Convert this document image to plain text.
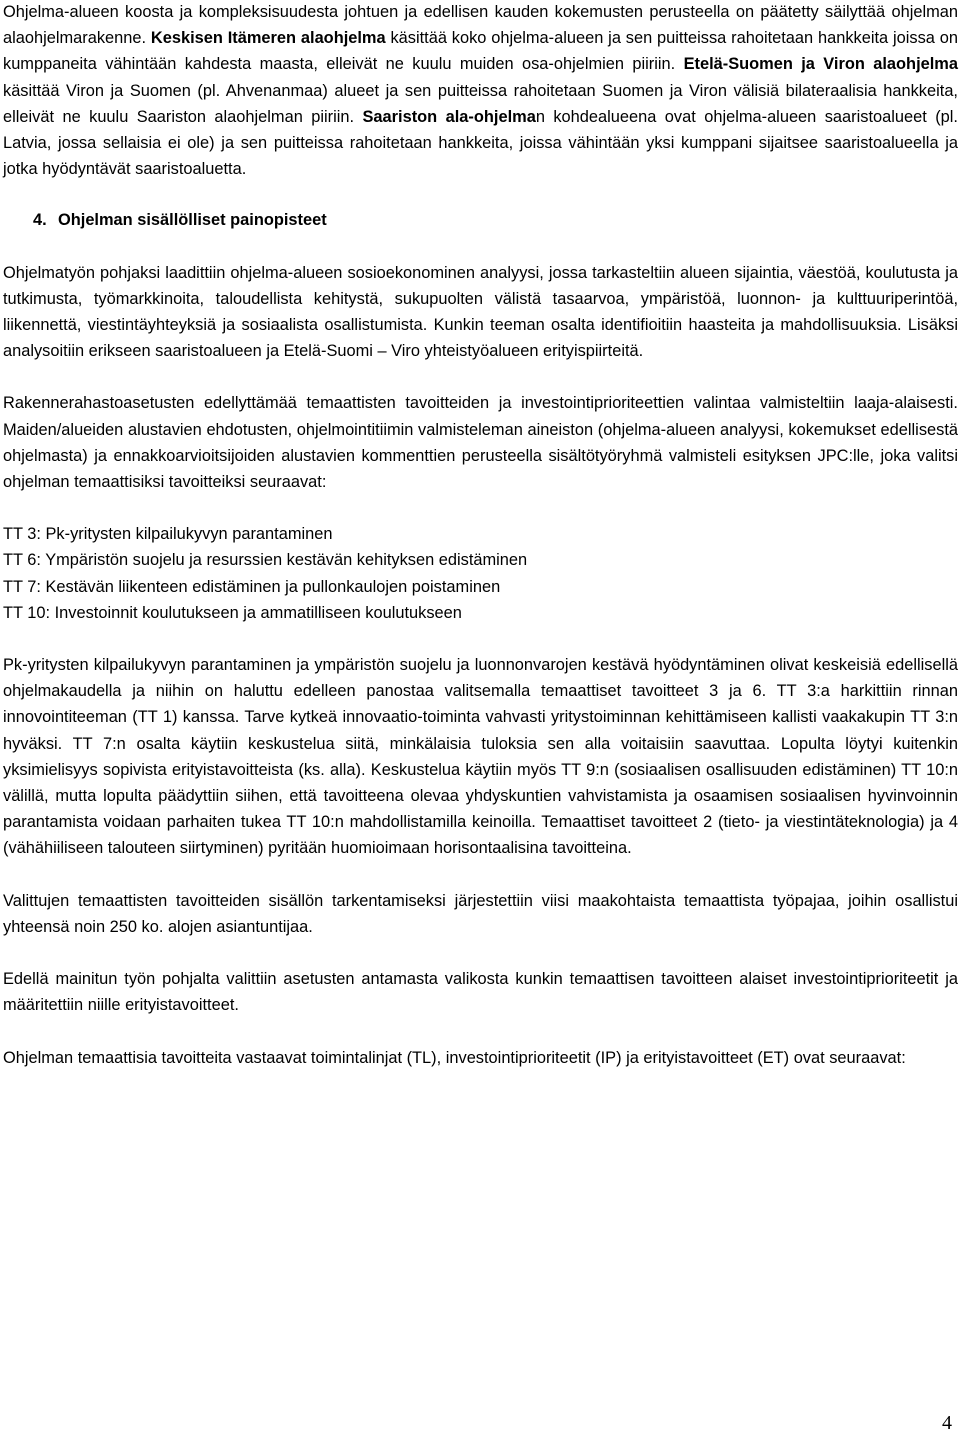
Ohjelma-alueen koosta ja kompleksisuudesta johtuen ja edellisen kauden kokemusten perusteella on päätetty säilyttää ohjelman alaohjelmarakenne. Keskisen Itämeren alaohjelma käsittää koko ohjelma-alueen ja sen puitteissa rahoitetaan hankkeita joissa on kumppaneita vähintään kahdesta maasta, elleivät ne kuulu muiden osa-ohjelmien piiriin. Etelä-Suomen ja Viron alaohjelma käsittää Viron ja Suomen (pl. Ahvenanmaa) alueet ja sen puitteissa rahoitetaan Suomen ja Viron välisiä bilateraalisia hankkeita, elleivät ne kuulu Saariston alaohjelman piiriin. Saariston ala-ohjelman kohdealueena ovat ohjelma-alueen saaristoalueet (pl. Latvia, jossa sellaisia ei ole) ja sen puitteissa rahoitetaan hankkeita, joissa vähintään yksi kumppani sijaitsee saaristoalueella ja jotka hyödyntävät saaristoaluetta.

4. Ohjelman sisällölliset painopisteet

Ohjelmatyön pohjaksi laadittiin ohjelma-alueen sosioekonominen analyysi, jossa tarkasteltiin alueen sijaintia, väestöä, koulutusta ja tutkimusta, työmarkkinoita, taloudellista kehitystä, sukupuolten välistä tasaarvoa, ympäristöä, luonnon- ja kulttuuriperintöä, liikennettä, viestintäyhteyksiä ja sosiaalista osallistumista. Kunkin teeman osalta identifioitiin haasteita ja mahdollisuuksia. Lisäksi analysoitiin erikseen saaristoalueen ja Etelä-Suomi – Viro yhteistyöalueen erityispiirteitä.

Rakennerahastoasetusten edellyttämää temaattisten tavoitteiden ja investointiprioriteettien valintaa valmisteltiin laaja-alaisesti. Maiden/alueiden alustavien ehdotusten, ohjelmointitiimin valmisteleman aineiston (ohjelma-alueen analyysi, kokemukset edellisestä ohjelmasta) ja ennakkoarvioitsijoiden alustavien kommenttien perusteella sisältötyöryhmä valmisteli esityksen JPC:lle, joka valitsi ohjelman temaattisiksi tavoitteiksi seuraavat:

TT 3: Pk-yritysten kilpailukyvyn parantaminen
TT 6: Ympäristön suojelu ja resurssien kestävän kehityksen edistäminen
TT 7: Kestävän liikenteen edistäminen ja pullonkaulojen poistaminen
TT 10: Investoinnit koulutukseen ja ammatilliseen koulutukseen

Pk-yritysten kilpailukyvyn parantaminen ja ympäristön suojelu ja luonnonvarojen kestävä hyödyntäminen olivat keskeisiä edellisellä ohjelmakaudella ja niihin on haluttu edelleen panostaa valitsemalla temaattiset tavoitteet 3 ja 6. TT 3:a harkittiin rinnan innovointiteeman (TT 1) kanssa. Tarve kytkeä innovaatio-toiminta vahvasti yritystoiminnan kehittämiseen kallisti vaakakupin TT 3:n hyväksi. TT 7:n osalta käytiin keskustelua siitä, minkälaisia tuloksia sen alla voitaisiin saavuttaa. Lopulta löytyi kuitenkin yksimielisyys sopivista erityistavoitteista (ks. alla). Keskustelua käytiin myös TT 9:n (sosiaalisen osallisuuden edistäminen) TT 10:n välillä, mutta lopulta päädyttiin siihen, että tavoitteena olevaa yhdyskuntien vahvistamista ja osaamisen sosiaalisen hyvinvoinnin parantamista voidaan parhaiten tukea TT 10:n mahdollistamilla keinoilla. Temaattiset tavoitteet 2 (tieto- ja viestintäteknologia) ja 4 (vähähiiliseen talouteen siirtyminen) pyritään huomioimaan horisontaalisina tavoitteina.

Valittujen temaattisten tavoitteiden sisällön tarkentamiseksi järjestettiin viisi maakohtaista temaattista työpajaa, joihin osallistui yhteensä noin 250 ko. alojen asiantuntijaa.

Edellä mainitun työn pohjalta valittiin asetusten antamasta valikosta kunkin temaattisen tavoitteen alaiset investointiprioriteetit ja määritettiin niille erityistavoitteet.

Ohjelman temaattisia tavoitteita vastaavat toimintalinjat (TL), investointiprioriteetit (IP) ja erityistavoitteet (ET) ovat seuraavat:

4
